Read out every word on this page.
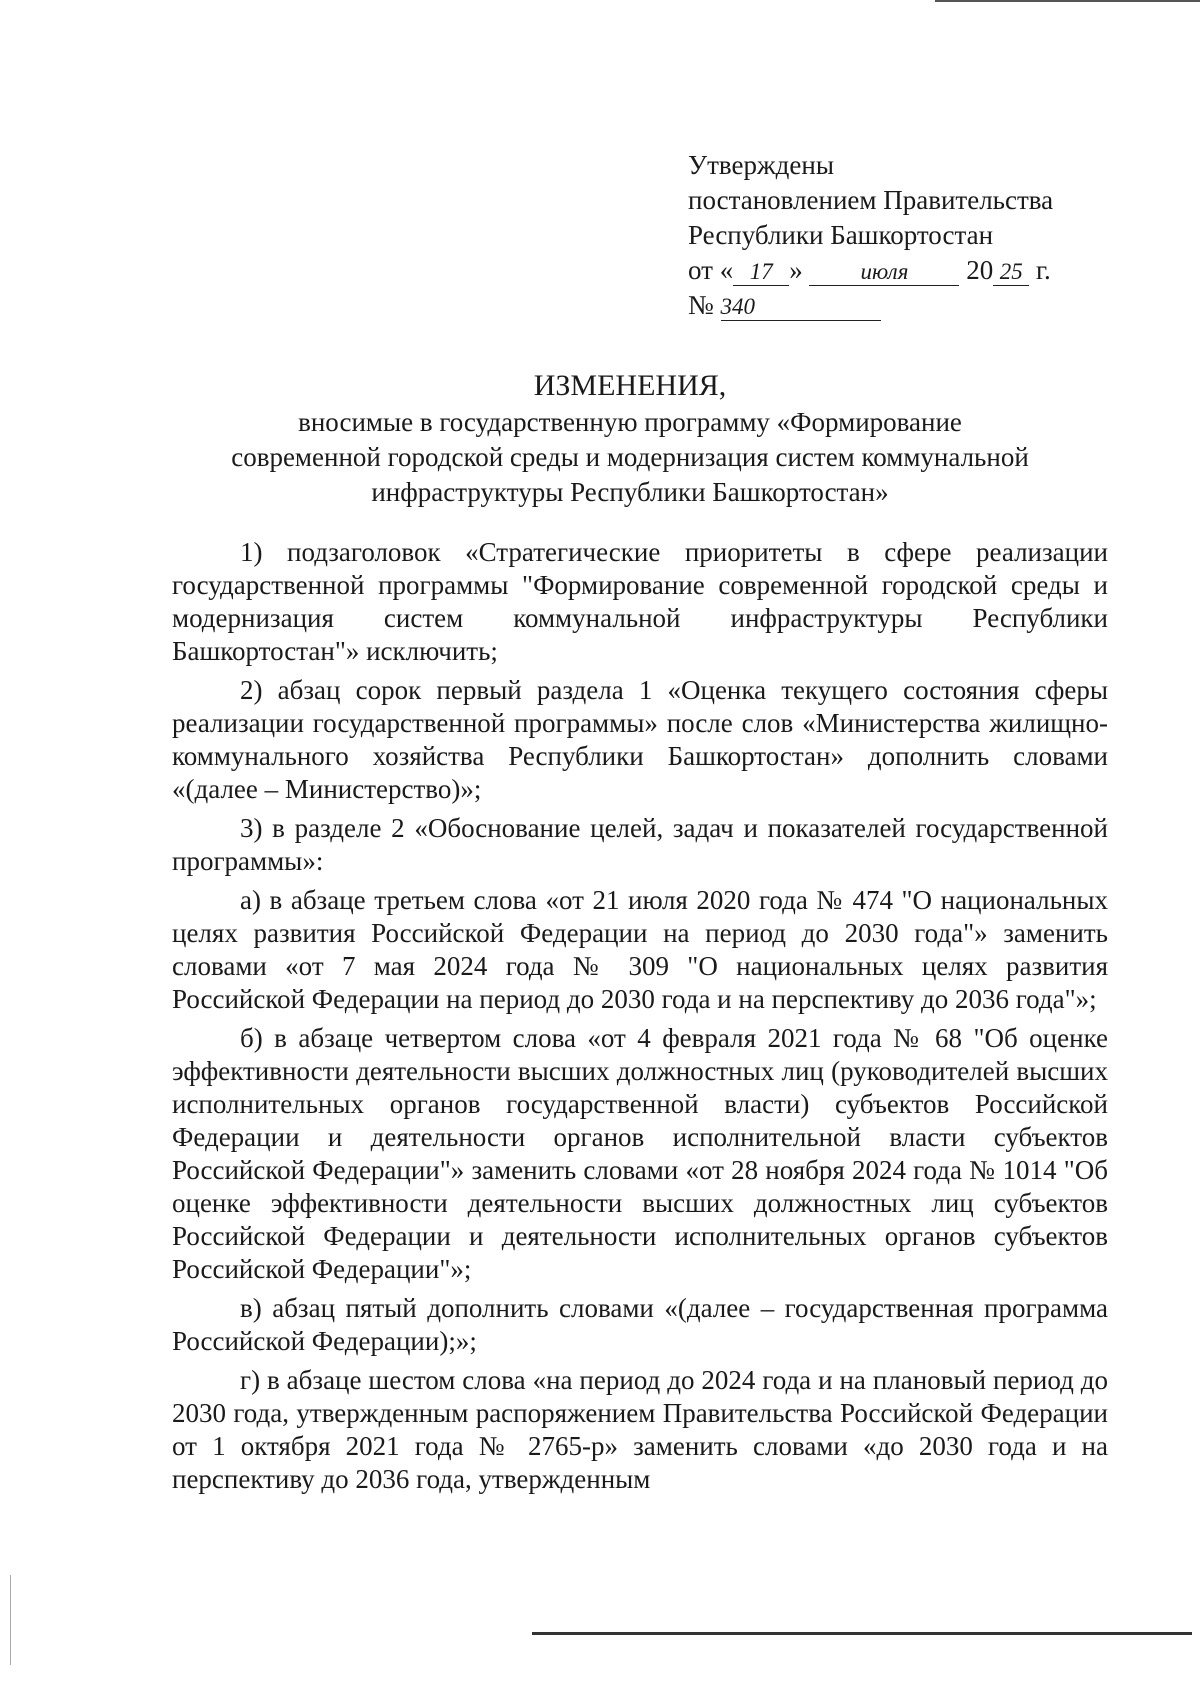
Утверждены
постановлением Правительства
Республики Башкортостан
от « 17 »	июля 20 25 г.
№ 340
ИЗМЕНЕНИЯ,
вносимые в государственную программу «Формирование
современной городской среды и модернизация систем коммунальной
инфраструктуры Республики Башкортостан»

1) подзаголовок «Стратегические приоритеты в сфере реализации государственной программы "Формирование современной городской среды и модернизация систем коммунальной инфраструктуры Республики Башкортостан"» исключить;

2) абзац сорок первый раздела 1 «Оценка текущего состояния сферы реализации государственной программы» после слов «Министерства жилищно-коммунального хозяйства Республики Башкортостан» дополнить словами «(далее – Министерство)»;

3) в разделе 2 «Обоснование целей, задач и показателей государственной программы»:

а) в абзаце третьем слова «от 21 июля 2020 года № 474 "О национальных целях развития Российской Федерации на период до 2030 года"» заменить словами «от 7 мая 2024 года № 309 "О национальных целях развития Российской Федерации на период до 2030 года и на перспективу до 2036 года"»;

б) в абзаце четвертом слова «от 4 февраля 2021 года № 68 "Об оценке эффективности деятельности высших должностных лиц (руководителей высших исполнительных органов государственной власти) субъектов Российской Федерации и деятельности органов исполнительной власти субъектов Российской Федерации"» заменить словами «от 28 ноября 2024 года № 1014 "Об оценке эффективности деятельности высших должностных лиц субъектов Российской Федерации и деятельности исполнительных органов субъектов Российской Федерации"»;

в) абзац пятый дополнить словами «(далее – государственная программа Российской Федерации);»;

г) в абзаце шестом слова «на период до 2024 года и на плановый период до 2030 года, утвержденным распоряжением Правительства Российской Федерации от 1 октября 2021 года № 2765-р» заменить словами «до 2030 года и на перспективу до 2036 года, утвержденным
